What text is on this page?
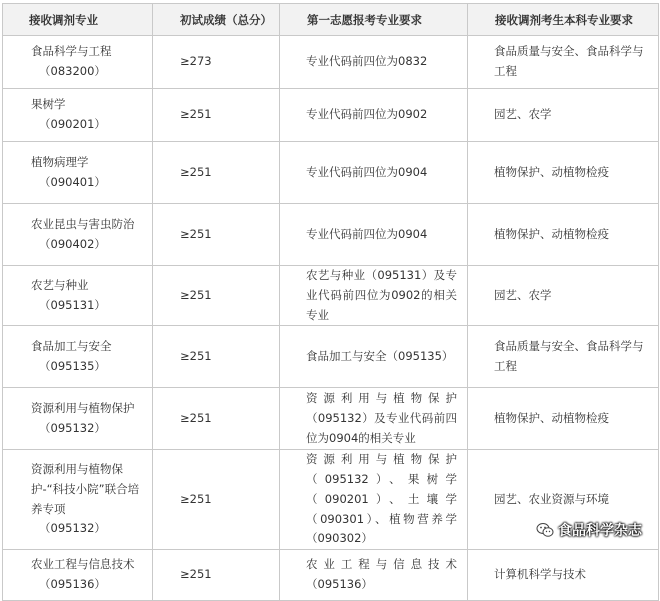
接收调剂专业	初试成绩（总分）	第一志愿报考专业要求	接收调剂考生本科专业要求
食品科学与工程
（083200）	≥273	专业代码前四位为0832	食品质量与安全、食品科学与工程
果树学
（090201）	≥251	专业代码前四位为0902	园艺、农学
植物病理学
（090401）	≥251	专业代码前四位为0904	植物保护、动植物检疫
农业昆虫与害虫防治
（090402）	≥251	专业代码前四位为0904	植物保护、动植物检疫
农艺与种业
（095131）	≥251	农艺与种业（095131）及专业代码前四位为0902的相关专业	园艺、农学
食品加工与安全
（095135）	≥251	食品加工与安全（095135）	食品质量与安全、食品科学与工程
资源利用与植物保护
（095132）	≥251	资源利用与植物保护（095132）及专业代码前四位为0904的相关专业	植物保护、动植物检疫
资源利用与植物保护-“科技小院”联合培养专项
（095132）	≥251	资源利用与植物保护（095132）、果树学（090201）、土壤学（090301）、植物营养学（090302）	园艺、农业资源与环境
农业工程与信息技术
（095136）	≥251	农业工程与信息技术（095136）	计算机科学与技术
食品科学杂志
